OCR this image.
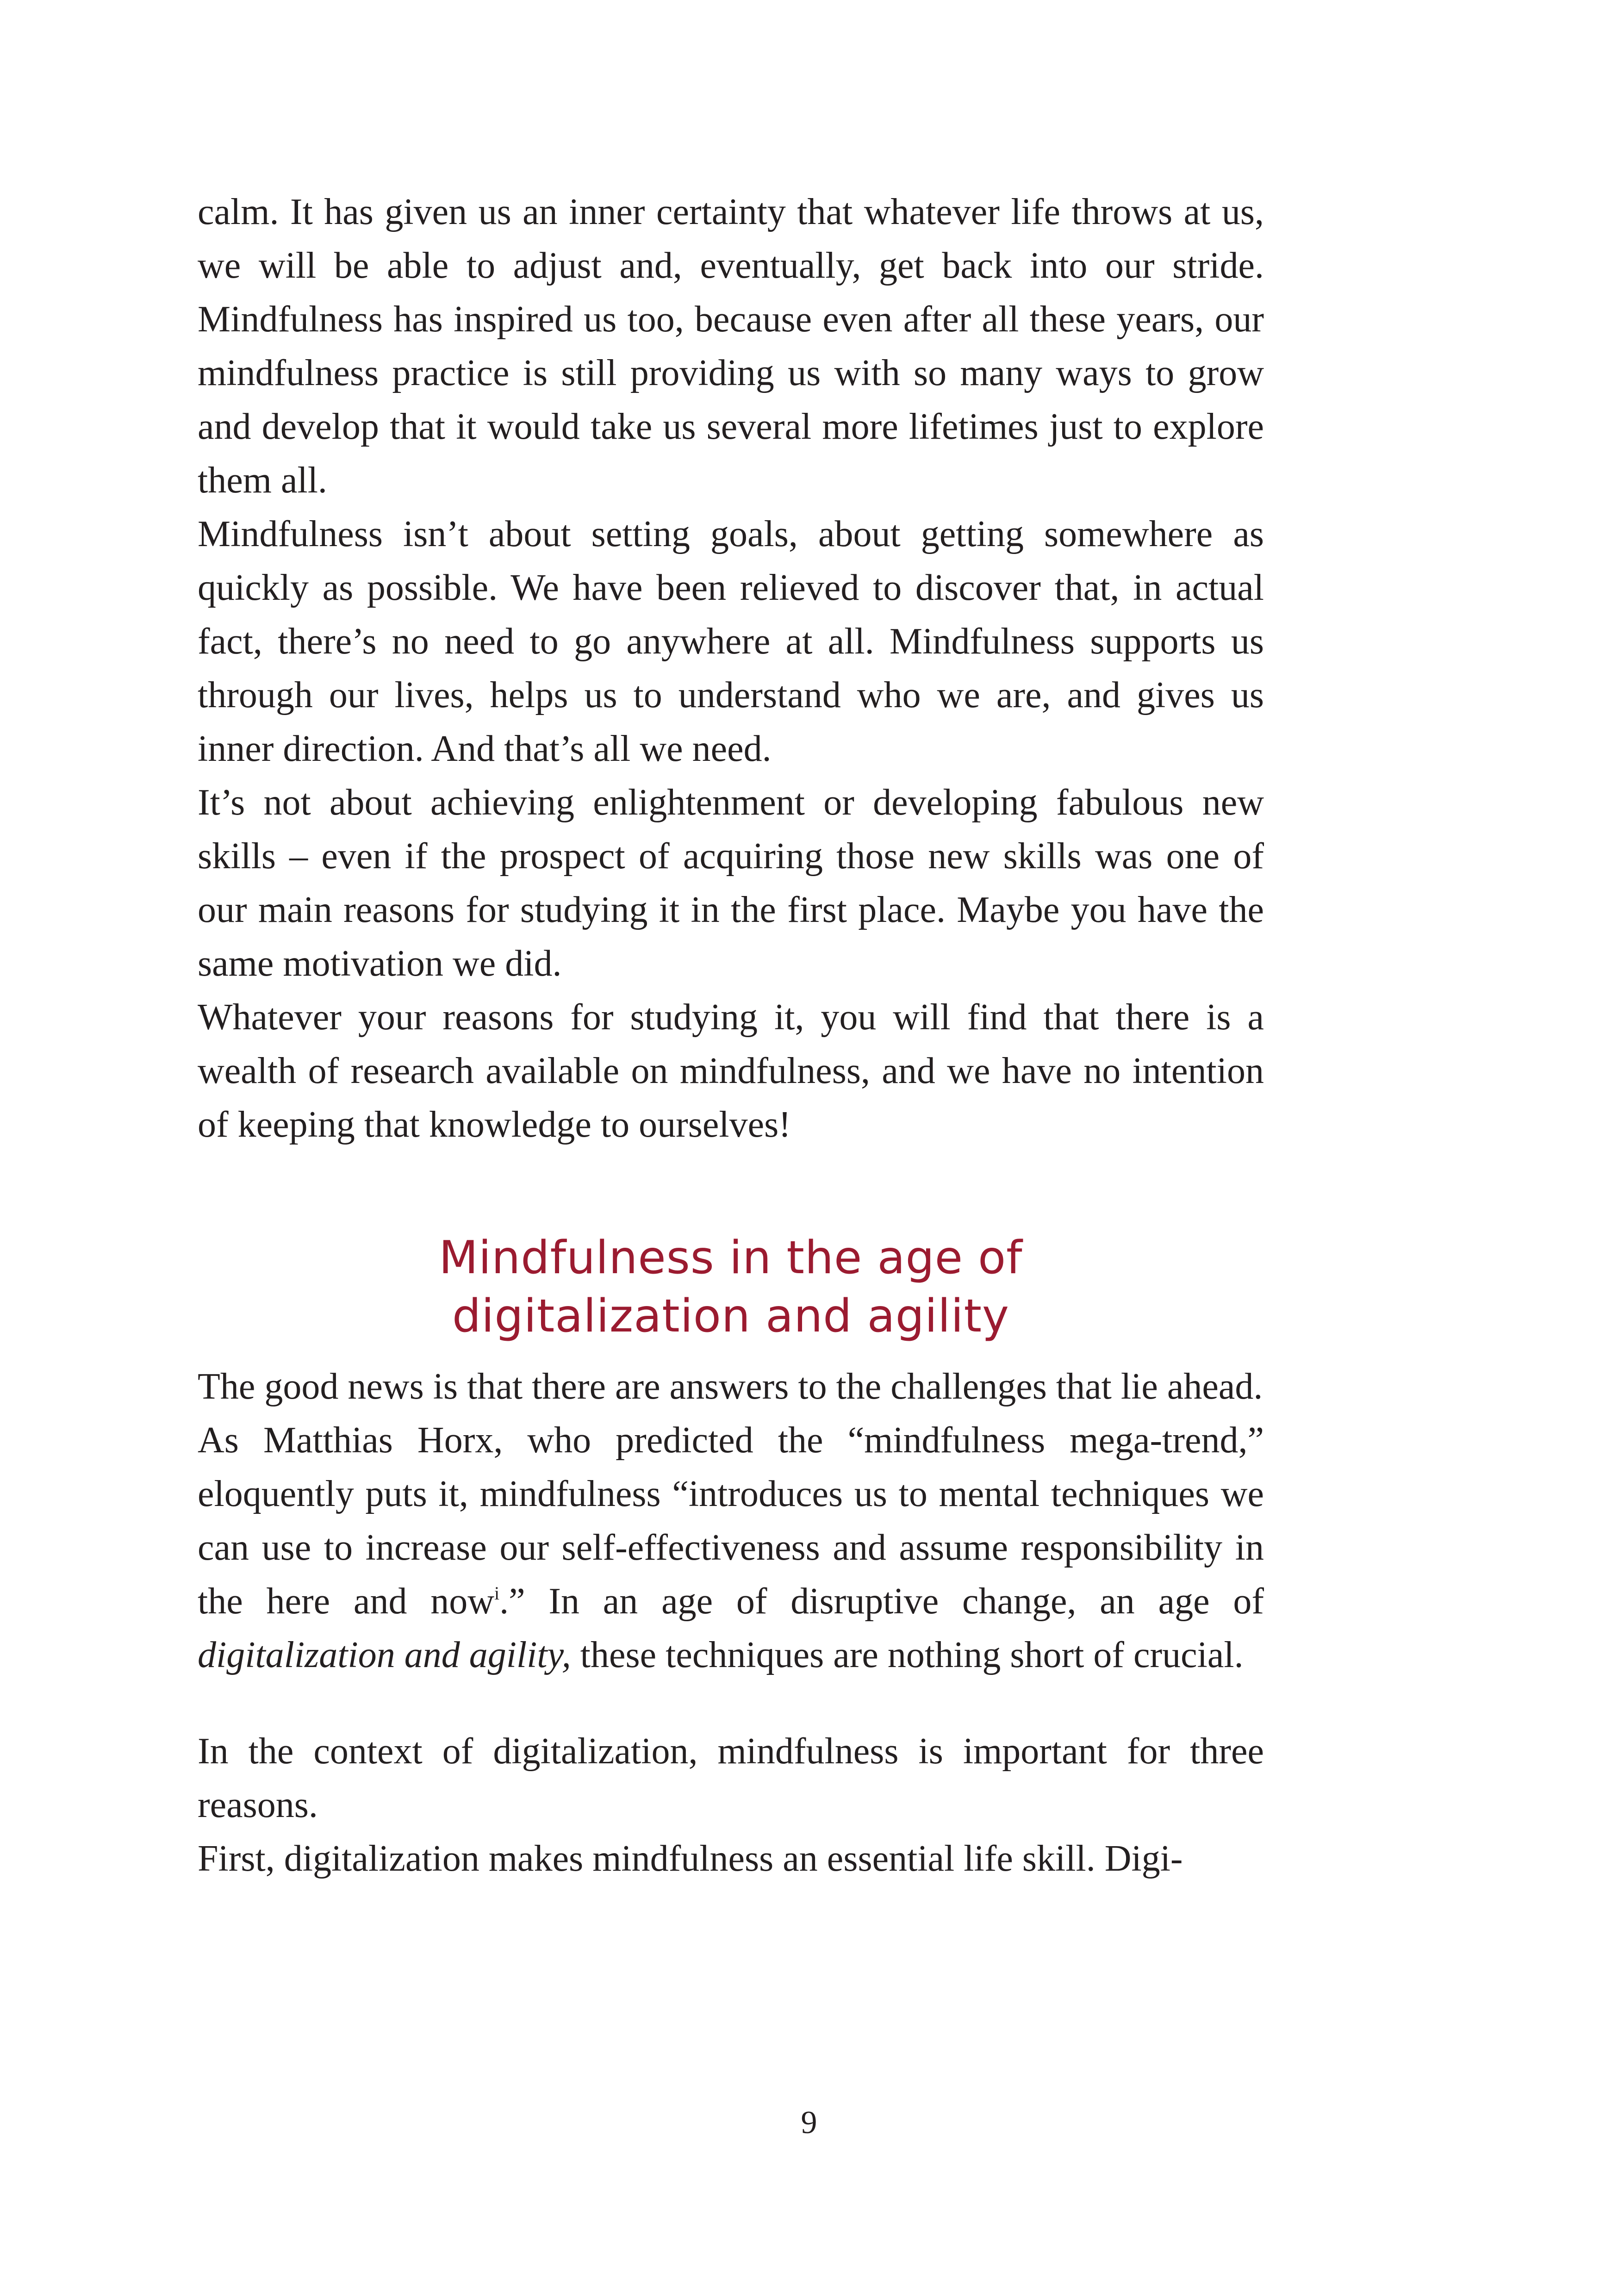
calm. It has given us an inner certainty that whatever life throws at us, we will be able to adjust and, eventually, get back into our stride. Mindfulness has inspired us too, because even after all these years, our mindfulness practice is still providing us with so many ways to grow and develop that it would take us several more lifetimes just to explore them all.

Mindfulness isn’t about setting goals, about getting somewhere as quickly as possible. We have been relieved to discover that, in actual fact, there’s no need to go anywhere at all. Mindfulness supports us through our lives, helps us to understand who we are, and gives us inner direction. And that’s all we need.

It’s not about achieving enlightenment or developing fabulous new skills – even if the prospect of acquiring those new skills was one of our main reasons for studying it in the first place. Maybe you have the same motivation we did.

Whatever your reasons for studying it, you will find that there is a wealth of research available on mindfulness, and we have no intention of keeping that knowledge to ourselves!

Mindfulness in the age of
digitalization and agility

The good news is that there are answers to the challenges that lie ahead.

As Matthias Horx, who predicted the “mindfulness mega-trend,” eloquently puts it, mindfulness “introduces us to mental techniques we can use to increase our self-effectiveness and assume responsibility in the here and now$^i$.” In an age of disruptive change, an age of digitalization and agility, these techniques are nothing short of crucial.

In the context of digitalization, mindfulness is important for three reasons.

First, digitalization makes mindfulness an essential life skill. Digi-

9
